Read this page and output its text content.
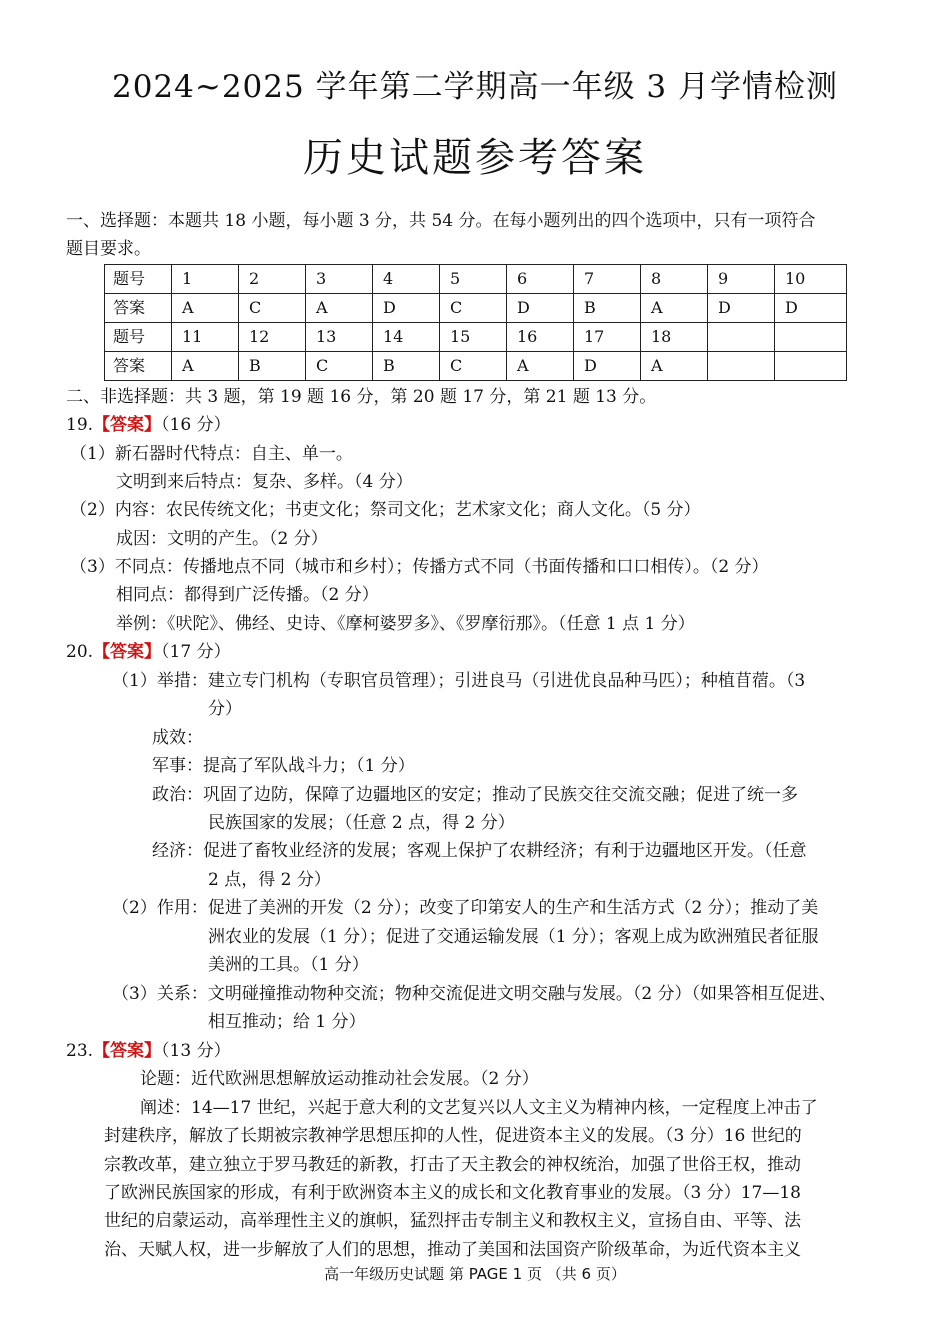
2024~2025 学年第二学期高一年级 3 月学情检测
历史试题参考答案
一、选择题：本题共 18 小题，每小题 3 分，共 54 分。在每小题列出的四个选项中，只有一项符合
题目要求。
题号	1	2	3	4	5	6	7	8	9	10
答案	A	C	A	D	C	D	B	A	D	D
题号	11	12	13	14	15	16	17	18		
答案	A	B	C	B	C	A	D	A		
二、非选择题：共 3 题，第 19 题 16 分，第 20 题 17 分，第 21 题 13 分。
19.【答案】（16 分）
（1）新石器时代特点：自主、单一。
文明到来后特点：复杂、多样。（4 分）
（2）内容：农民传统文化；书吏文化；祭司文化；艺术家文化；商人文化。（5 分）
成因：文明的产生。（2 分）
（3）不同点：传播地点不同（城市和乡村）；传播方式不同（书面传播和口口相传）。（2 分）
相同点：都得到广泛传播。（2 分）
举例：《吠陀》、佛经、史诗、《摩柯婆罗多》、《罗摩衍那》。（任意 1 点 1 分）
20.【答案】（17 分）
（1）举措：建立专门机构（专职官员管理）；引进良马（引进优良品种马匹）；种植苜蓿。（3
分）
成效：
军事：提高了军队战斗力；（1 分）
政治：巩固了边防，保障了边疆地区的安定；推动了民族交往交流交融；促进了统一多
民族国家的发展；（任意 2 点，得 2 分）
经济：促进了畜牧业经济的发展；客观上保护了农耕经济；有利于边疆地区开发。（任意
2 点，得 2 分）
（2）作用：促进了美洲的开发（2 分）；改变了印第安人的生产和生活方式（2 分）；推动了美
洲农业的发展（1 分）；促进了交通运输发展（1 分）；客观上成为欧洲殖民者征服
美洲的工具。（1 分）
（3）关系：文明碰撞推动物种交流；物种交流促进文明交融与发展。（2 分）（如果答相互促进、
相互推动；给 1 分）
23.【答案】（13 分）
论题：近代欧洲思想解放运动推动社会发展。（2 分）
阐述：14—17 世纪，兴起于意大利的文艺复兴以人文主义为精神内核，一定程度上冲击了
封建秩序，解放了长期被宗教神学思想压抑的人性，促进资本主义的发展。（3 分）16 世纪的
宗教改革，建立独立于罗马教廷的新教，打击了天主教会的神权统治，加强了世俗王权，推动
了欧洲民族国家的形成，有利于欧洲资本主义的成长和文化教育事业的发展。（3 分）17—18
世纪的启蒙运动，高举理性主义的旗帜，猛烈抨击专制主义和教权主义，宣扬自由、平等、法
治、天赋人权，进一步解放了人们的思想，推动了美国和法国资产阶级革命，为近代资本主义
高一年级历史试题 第 PAGE 1 页 （共 6 页）
